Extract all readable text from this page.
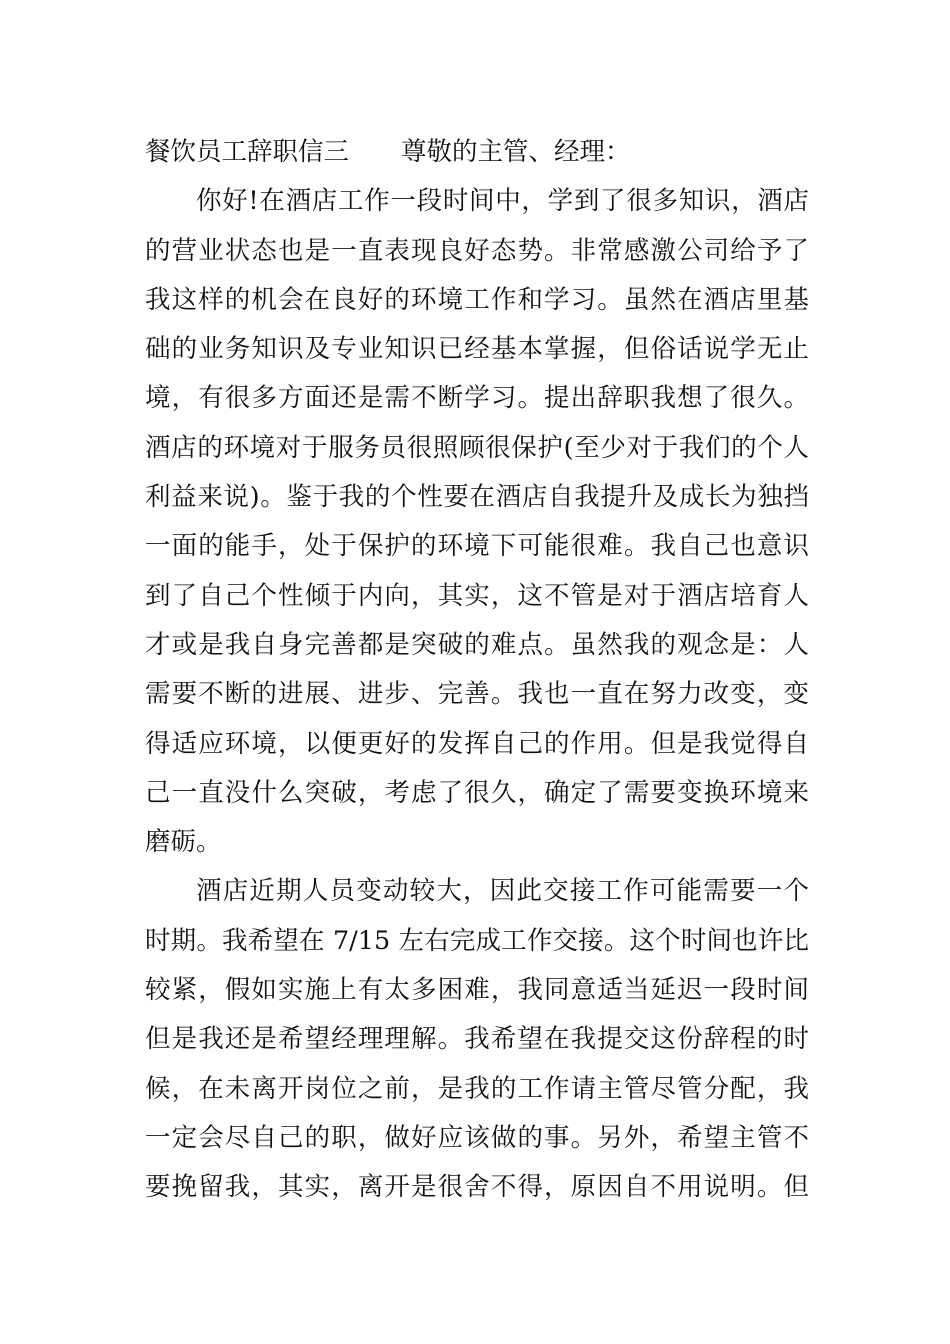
餐饮员工辞职信三 尊敬的主管、经理：
你好!在酒店工作一段时间中，学到了很多知识，酒店
的营业状态也是一直表现良好态势。非常感激公司给予了
我这样的机会在良好的环境工作和学习。虽然在酒店里基
础的业务知识及专业知识已经基本掌握，但俗话说学无止
境，有很多方面还是需不断学习。提出辞职我想了很久。
酒店的环境对于服务员很照顾很保护(至少对于我们的个人
利益来说)。鉴于我的个性要在酒店自我提升及成长为独挡
一面的能手，处于保护的环境下可能很难。我自己也意识
到了自己个性倾于内向，其实，这不管是对于酒店培育人
才或是我自身完善都是突破的难点。虽然我的观念是：人
需要不断的进展、进步、完善。我也一直在努力改变，变
得适应环境，以便更好的发挥自己的作用。但是我觉得自
己一直没什么突破，考虑了很久，确定了需要变换环境来
磨砺。
酒店近期人员变动较大，因此交接工作可能需要一个
时期。我希望在 7/15 左右完成工作交接。这个时间也许比
较紧，假如实施上有太多困难，我同意适当延迟一段时间
但是我还是希望经理理解。我希望在我提交这份辞程的时
候，在未离开岗位之前，是我的工作请主管尽管分配，我
一定会尽自己的职，做好应该做的事。另外，希望主管不
要挽留我，其实，离开是很舍不得，原因自不用说明。但
